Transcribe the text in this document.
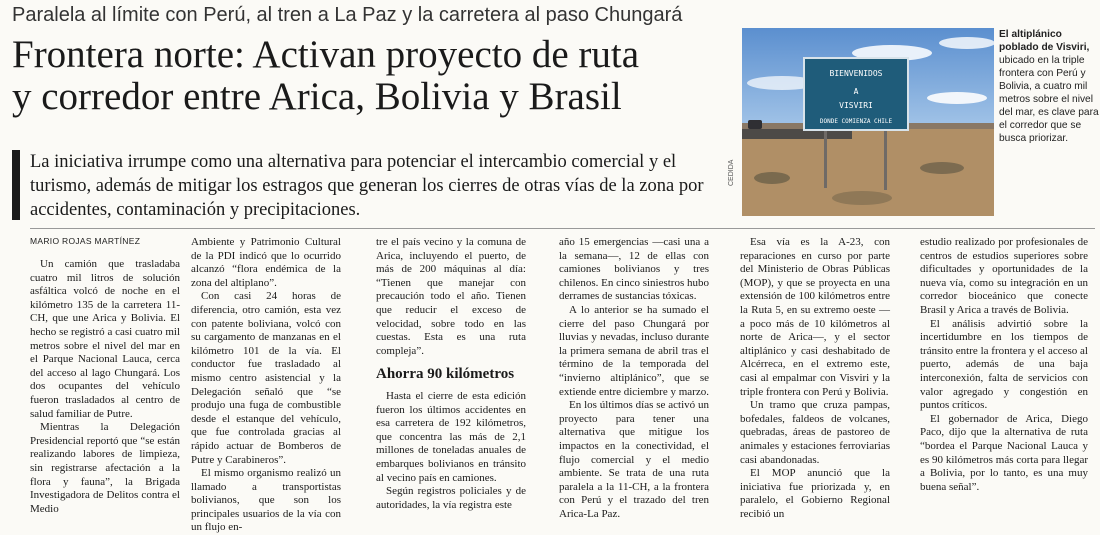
Paralela al límite con Perú, al tren a La Paz y la carretera al paso Chungará
Frontera norte: Activan proyecto de ruta
y corredor entre Arica, Bolivia y Brasil
La iniciativa irrumpe como una alternativa para potenciar el intercambio comercial y el turismo, además de mitigar los estragos que generan los cierres de otras vías de la zona por accidentes, contaminación y precipitaciones.
BIENVENIDOS
A
VISVIRI
DONDE COMIENZA CHILE
CEDIDA
El altiplánico poblado de Visviri, ubicado en la triple frontera con Perú y Bolivia, a cuatro mil metros sobre el nivel del mar, es clave para el corredor que se busca priorizar.
MARIO ROJAS MARTÍNEZ

Un camión que trasladaba cuatro mil litros de solución asfáltica volcó de noche en el kilómetro 135 de la carretera 11-CH, que une Arica y Bolivia. El hecho se registró a casi cuatro mil metros sobre el nivel del mar en el Parque Nacional Lauca, cerca del acceso al lago Chungará. Los dos ocupantes del vehículo fueron trasladados al centro de salud familiar de Putre.

Mientras la Delegación Presidencial reportó que “se están realizando labores de limpieza, sin registrarse afectación a la flora y fauna”, la Brigada Investigadora de Delitos contra el Medio

Ambiente y Patrimonio Cultural de la PDI indicó que lo ocurrido alcanzó “flora endémica de la zona del altiplano”.

Con casi 24 horas de diferencia, otro camión, esta vez con patente boliviana, volcó con su cargamento de manzanas en el kilómetro 101 de la vía. El conductor fue trasladado al mismo centro asistencial y la Delegación señaló que “se produjo una fuga de combustible desde el estanque del vehículo, que fue controlada gracias al rápido actuar de Bomberos de Putre y Carabineros”.

El mismo organismo realizó un llamado a transportistas bolivianos, que son los principales usuarios de la vía con un flujo en-

tre el país vecino y la comuna de Arica, incluyendo el puerto, de más de 200 máquinas al día: “Tienen que manejar con precaución todo el año. Tienen que reducir el exceso de velocidad, sobre todo en las cuestas. Esta es una ruta compleja”.

Ahorra 90 kilómetros

Hasta el cierre de esta edición fueron los últimos accidentes en esa carretera de 192 kilómetros, que concentra las más de 2,1 millones de toneladas anuales de embarques bolivianos en tránsito al vecino país en camiones.

Según registros policiales y de autoridades, la vía registra este

año 15 emergencias —casi una a la semana—, 12 de ellas con camiones bolivianos y tres chilenos. En cinco siniestros hubo derrames de sustancias tóxicas.

A lo anterior se ha sumado el cierre del paso Chungará por lluvias y nevadas, incluso durante la primera semana de abril tras el término de la temporada del “invierno altiplánico”, que se extiende entre diciembre y marzo.

En los últimos días se activó un proyecto para tener una alternativa que mitigue los impactos en la conectividad, el flujo comercial y el medio ambiente. Se trata de una ruta paralela a la 11-CH, a la frontera con Perú y el trazado del tren Arica-La Paz.

Esa vía es la A-23, con reparaciones en curso por parte del Ministerio de Obras Públicas (MOP), y que se proyecta en una extensión de 100 kilómetros entre la Ruta 5, en su extremo oeste —a poco más de 10 kilómetros al norte de Arica—, y el sector altiplánico y casi deshabitado de Alcérreca, en el extremo este, casi al empalmar con Visviri y la triple frontera con Perú y Bolivia.

Un tramo que cruza pampas, bofedales, faldeos de volcanes, quebradas, áreas de pastoreo de animales y estaciones ferroviarias casi abandonadas.

El MOP anunció que la iniciativa fue priorizada y, en paralelo, el Gobierno Regional recibió un

estudio realizado por profesionales de centros de estudios superiores sobre dificultades y oportunidades de la nueva vía, como su integración en un corredor bioceánico que conecte Brasil y Arica a través de Bolivia.

El análisis advirtió sobre la incertidumbre en los tiempos de tránsito entre la frontera y el acceso al puerto, además de una baja interconexión, falta de servicios con valor agregado y congestión en puntos críticos.

El gobernador de Arica, Diego Paco, dijo que la alternativa de ruta “bordea el Parque Nacional Lauca y es 90 kilómetros más corta para llegar a Bolivia, por lo tanto, es una muy buena señal”.
